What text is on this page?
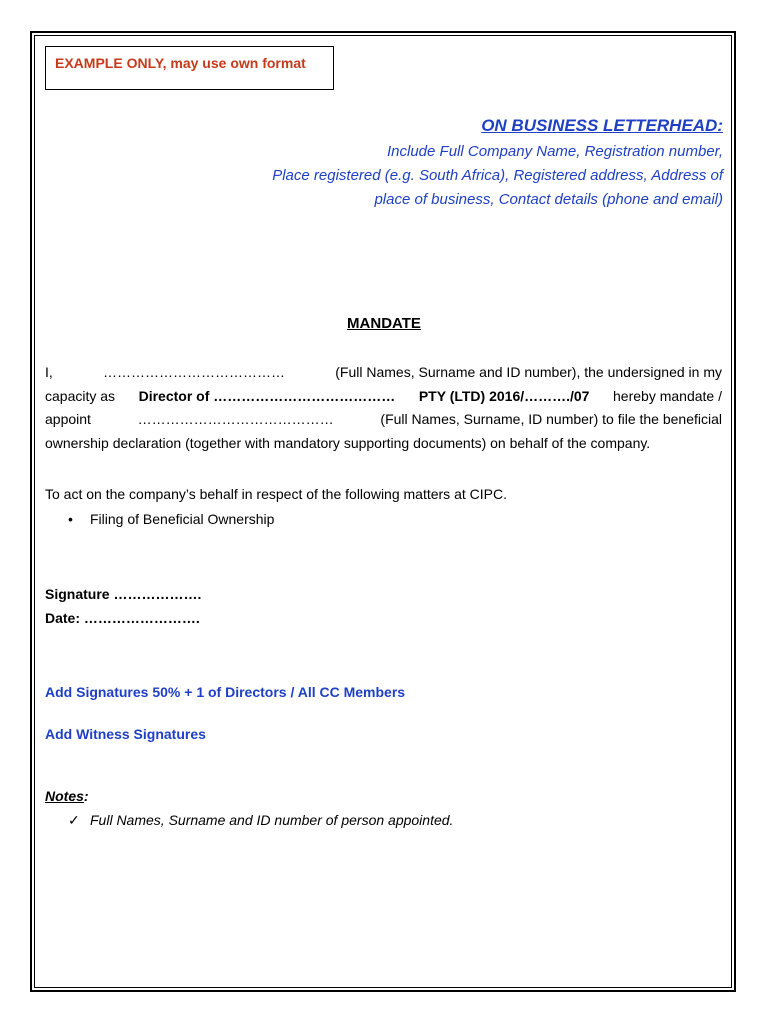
EXAMPLE ONLY, may use own format
ON BUSINESS LETTERHEAD:
Include Full Company Name, Registration number,
Place registered (e.g. South Africa), Registered address, Address of
place of business, Contact details (phone and email)
MANDATE
I,	…………………………………	(Full Names, Surname and ID number), the undersigned in my
capacity as Director of ………………………………… PTY (LTD) 2016/………./07 hereby mandate /
appoint	……………………………………	(Full Names, Surname, ID number) to file the beneficial
ownership declaration (together with mandatory supporting documents) on behalf of the company.
To act on the company’s behalf in respect of the following matters at CIPC.
• Filing of Beneficial Ownership
Signature ……………….
Date: …………………….
Add Signatures 50% + 1 of Directors / All CC Members
Add Witness Signatures
Notes:
✓ Full Names, Surname and ID number of person appointed.
